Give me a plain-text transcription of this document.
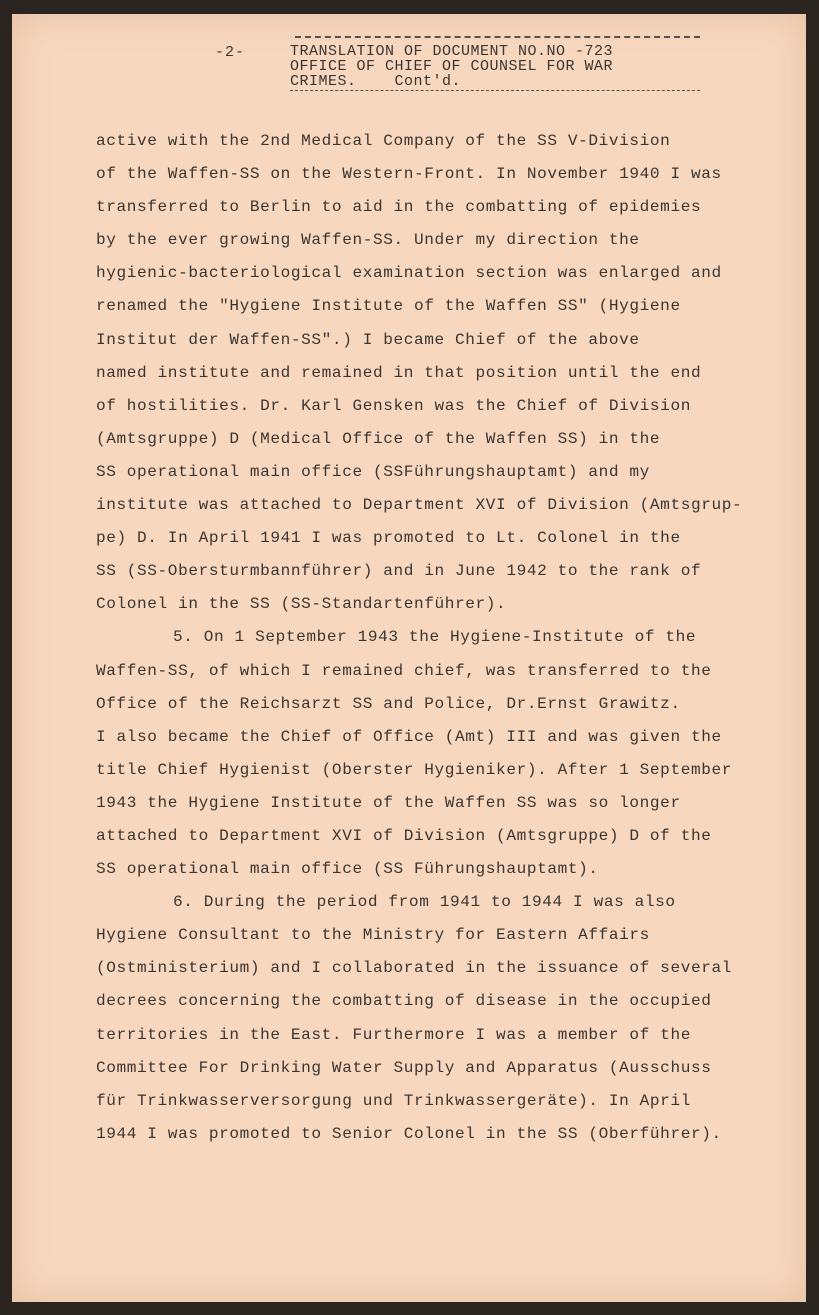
-2-	TRANSLATION OF DOCUMENT NO.NO -723
OFFICE OF CHIEF OF COUNSEL FOR WAR
CRIMES.    Cont'd.
active with the 2nd Medical Company of the SS V-Division
of the Waffen-SS on the Western-Front. In November 1940 I was
transferred to Berlin to aid in the combatting of epidemies
by the ever growing Waffen-SS. Under my direction the
hygienic-bacteriological examination section was enlarged and
renamed the "Hygiene Institute of the Waffen SS" (Hygiene
Institut der Waffen-SS".) I became Chief of the above
named institute and remained in that position until the end
of hostilities. Dr. Karl Gensken was the Chief of Division
(Amtsgruppe) D (Medical Office of the Waffen SS) in the
SS operational main office (SSFührungshauptamt) and my
institute was attached to Department XVI of Division (Amtsgrup-
pe) D. In April 1941 I was promoted to Lt. Colonel in the
SS (SS-Obersturmbannführer) and in June 1942 to the rank of
Colonel in the SS (SS-Standartenführer).
5. On 1 September 1943 the Hygiene-Institute of the
Waffen-SS, of which I remained chief, was transferred to the
Office of the Reichsarzt SS and Police, Dr.Ernst Grawitz.
I also became the Chief of Office (Amt) III and was given the
title Chief Hygienist (Oberster Hygieniker). After 1 September
1943 the Hygiene Institute of the Waffen SS was so longer
attached to Department XVI of Division (Amtsgruppe) D of the
SS operational main office (SS Führungshauptamt).
6. During the period from 1941 to 1944 I was also
Hygiene Consultant to the Ministry for Eastern Affairs
(Ostministerium) and I collaborated in the issuance of several
decrees concerning the combatting of disease in the occupied
territories in the East. Furthermore I was a member of the
Committee For Drinking Water Supply and Apparatus (Ausschuss
für Trinkwasserversorgung und Trinkwassergeräte). In April
1944 I was promoted to Senior Colonel in the SS (Oberführer).
